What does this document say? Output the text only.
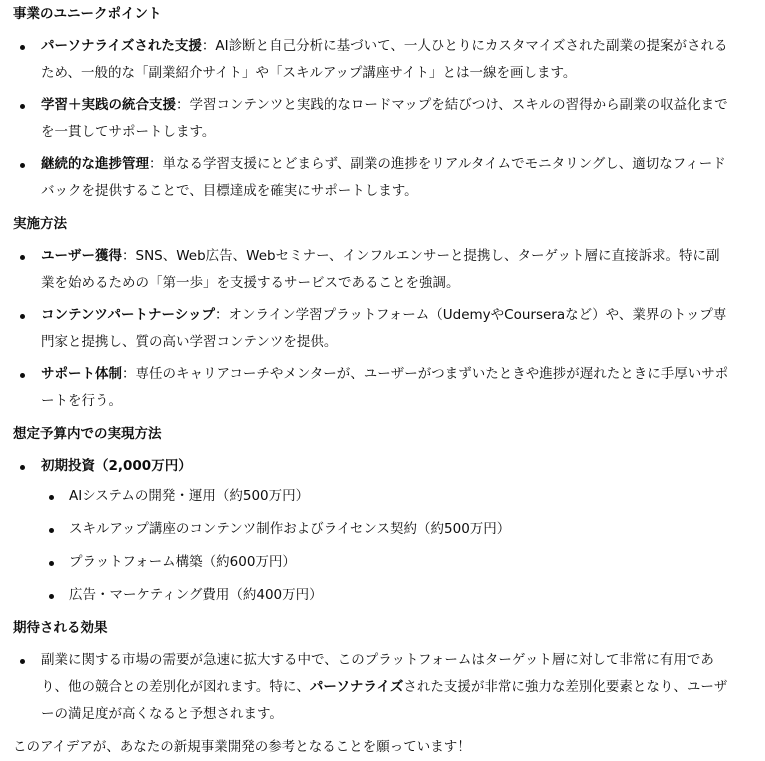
事業のユニークポイント
パーソナライズされた支援：AI診断と自己分析に基づいて、一人ひとりにカスタマイズされた副業の提案がされるため、一般的な「副業紹介サイト」や「スキルアップ講座サイト」とは一線を画します。
学習＋実践の統合支援：学習コンテンツと実践的なロードマップを結びつけ、スキルの習得から副業の収益化までを一貫してサポートします。
継続的な進捗管理：単なる学習支援にとどまらず、副業の進捗をリアルタイムでモニタリングし、適切なフィードバックを提供することで、目標達成を確実にサポートします。
実施方法
ユーザー獲得：SNS、Web広告、Webセミナー、インフルエンサーと提携し、ターゲット層に直接訴求。特に副業を始めるための「第一歩」を支援するサービスであることを強調。
コンテンツパートナーシップ：オンライン学習プラットフォーム（UdemyやCourseraなど）や、業界のトップ専門家と提携し、質の高い学習コンテンツを提供。
サポート体制：専任のキャリアコーチやメンターが、ユーザーがつまずいたときや進捗が遅れたときに手厚いサポートを行う。
想定予算内での実現方法
初期投資（2,000万円）
AIシステムの開発・運用（約500万円）
スキルアップ講座のコンテンツ制作およびライセンス契約（約500万円）
プラットフォーム構築（約600万円）
広告・マーケティング費用（約400万円）
期待される効果
副業に関する市場の需要が急速に拡大する中で、このプラットフォームはターゲット層に対して非常に有用であり、他の競合との差別化が図れます。特に、パーソナライズされた支援が非常に強力な差別化要素となり、ユーザーの満足度が高くなると予想されます。
このアイデアが、あなたの新規事業開発の参考となることを願っています！
